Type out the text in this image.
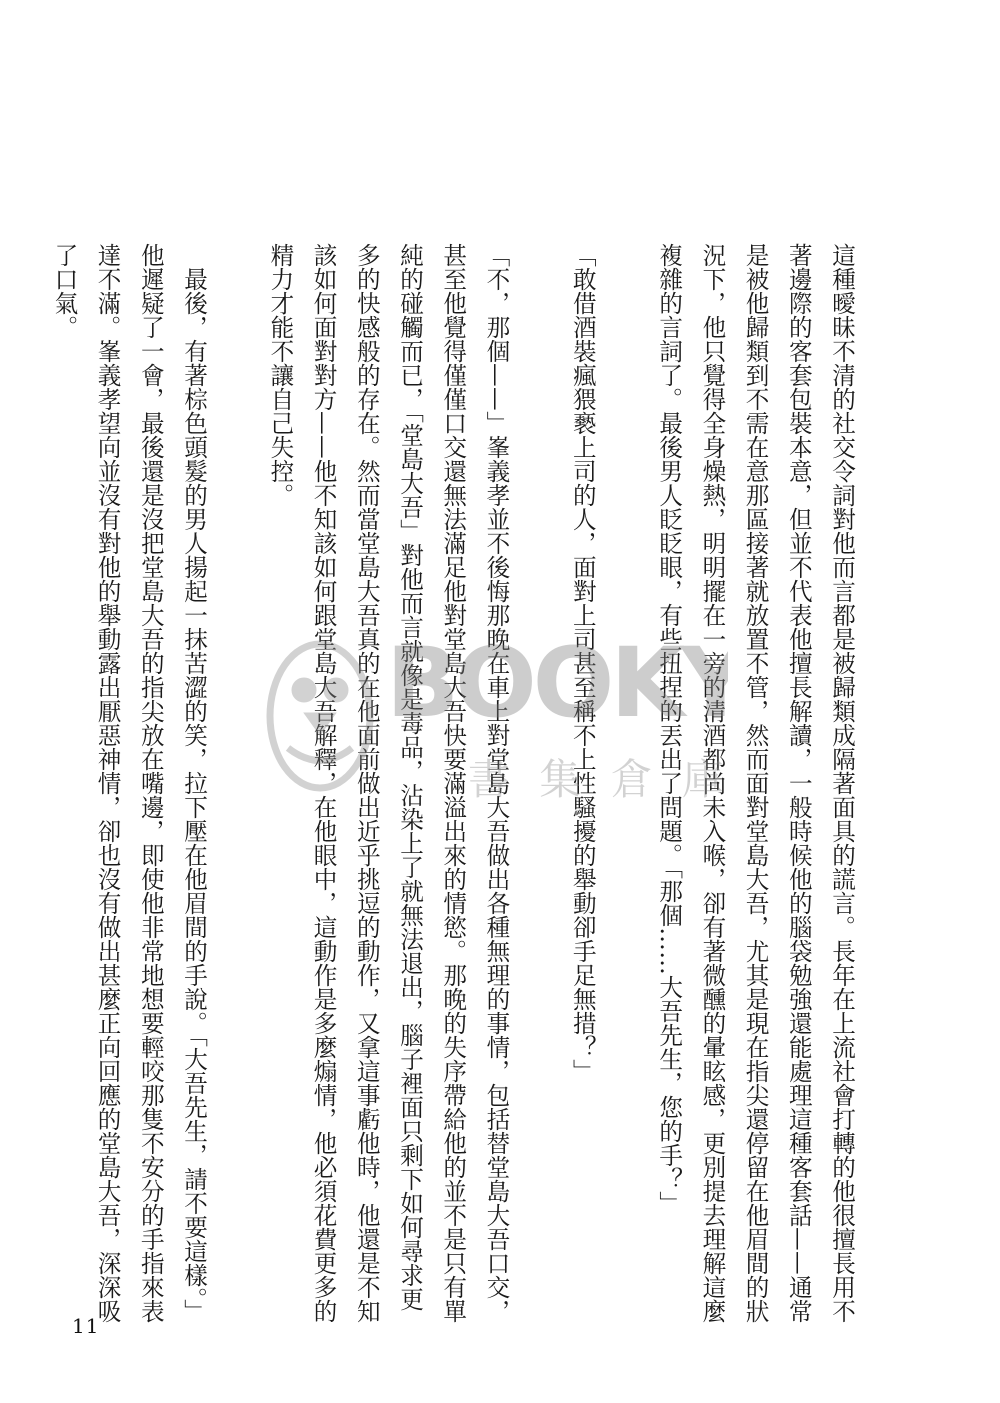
這種曖昧不清的社交令詞對他而言都是被歸類成隔著面具的謊言。長年在上流社會打轉的他很擅長用不著邊際的客套包裝本意，但並不代表他擅長解讀，一般時候他的腦袋勉強還能處理這種客套話——通常是被他歸類到不需在意那區接著就放置不管，然而面對堂島大吾，尤其是現在指尖還停留在他眉間的狀況下，他只覺得全身燥熱，明明擺在一旁的清酒都尚未入喉，卻有著微醺的暈眩感，更別提去理解這麼複雜的言詞了。最後男人眨眨眼，有些扭捏的丟出了問題。「那個……大吾先生，您的手？」

「敢借酒裝瘋猥褻上司的人，面對上司甚至稱不上性騷擾的舉動卻手足無措？」

「不，那個——」峯義孝並不後悔那晚在車上對堂島大吾做出各種無理的事情，包括替堂島大吾口交，甚至他覺得僅僅口交還無法滿足他對堂島大吾快要滿溢出來的情慾。那晚的失序帶給他的並不是只有單純的碰觸而已，「堂島大吾」對他而言就像是毒品，沾染上了就無法退出，腦子裡面只剩下如何尋求更多的快感般的存在。然而當堂島大吾真的在他面前做出近乎挑逗的動作，又拿這事虧他時，他還是不知該如何面對對方——他不知該如何跟堂島大吾解釋，在他眼中，這動作是多麼煽情，他必須花費更多的精力才能不讓自己失控。

最後，有著棕色頭髮的男人揚起一抹苦澀的笑，拉下壓在他眉間的手說。「大吾先生，請不要這樣。」他遲疑了一會，最後還是沒把堂島大吾的指尖放在嘴邊，即使他非常地想要輕咬那隻不安分的手指來表達不滿。峯義孝望向並沒有對他的舉動露出厭惡神情，卻也沒有做出甚麼正向回應的堂島大吾，深深吸了口氣。

BOOKY
書 集 倉 庫
11
